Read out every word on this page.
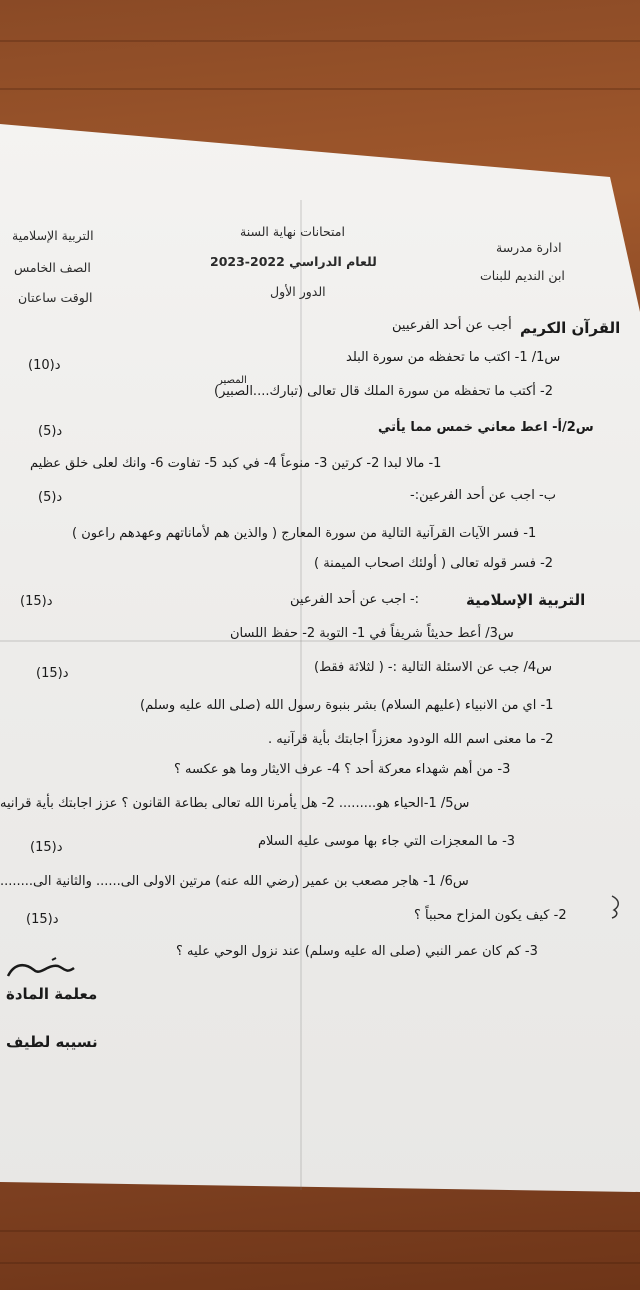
التربية الإسلامية
الصف الخامس
الوقت ساعتان
امتحانات نهاية السنة
للعام الدراسي 2022-2023
الدور الأول
ادارة مدرسة
ابن النديم للبنات
القرآن الكريم
أجب عن أحد الفرعيين
س1/ 1- اكتب ما تحفظه من سورة البلد
(10)د
2- أكتب ما تحفظه من سورة الملك قال تعالى (تبارك....الصبير)
المصير
س2/أ- اعط معاني خمس مما يأتي
(5)د
1- مالا لبدا 2- كرتين 3- منوعاً 4- في كبد 5- تفاوت 6- وانك لعلى خلق عظيم
ب- اجب عن أحد الفرعين:-
(5)د
1- فسر الآيات القرآنية التالية من سورة المعارج ( والذين هم لأماناتهم وعهدهم راعون )
2- فسر قوله تعالى ( أولئك اصحاب الميمنة )
التربية الإسلامية
:- اجب عن أحد الفرعين
(15)د
س3/ أعط حديثاً شريفاً في 1- التوبة 2- حفظ اللسان
س4/ جب عن الاسئلة التالية :- ( لثلاثة فقط)
(15)د
1- اي من الانبياء (عليهم السلام) بشر بنبوة رسول الله (صلى الله عليه وسلم)
2- ما معنى اسم الله الودود معززاً اجابتك بأية قرآنيه .
3- من أهم شهداء معركة أحد ؟ 4- عرف الايثار وما هو عكسه ؟
س5/ 1-الحياء هو......... 2- هل يأمرنا الله تعالى بطاعة القانون ؟ عزز اجابتك بأية قرانيه
3- ما المعجزات التي جاء بها موسى عليه السلام
(15)د
س6/ 1- هاجر مصعب بن عمير (رضي الله عنه) مرتين الاولى الى...... والثانية الى........
(15)د	2- كيف يكون المزاح محبباً ؟
3- كم كان عمر النبي (صلى اله عليه وسلم) عند نزول الوحي عليه ؟
معلمة المادة
نسيبه لطيف
